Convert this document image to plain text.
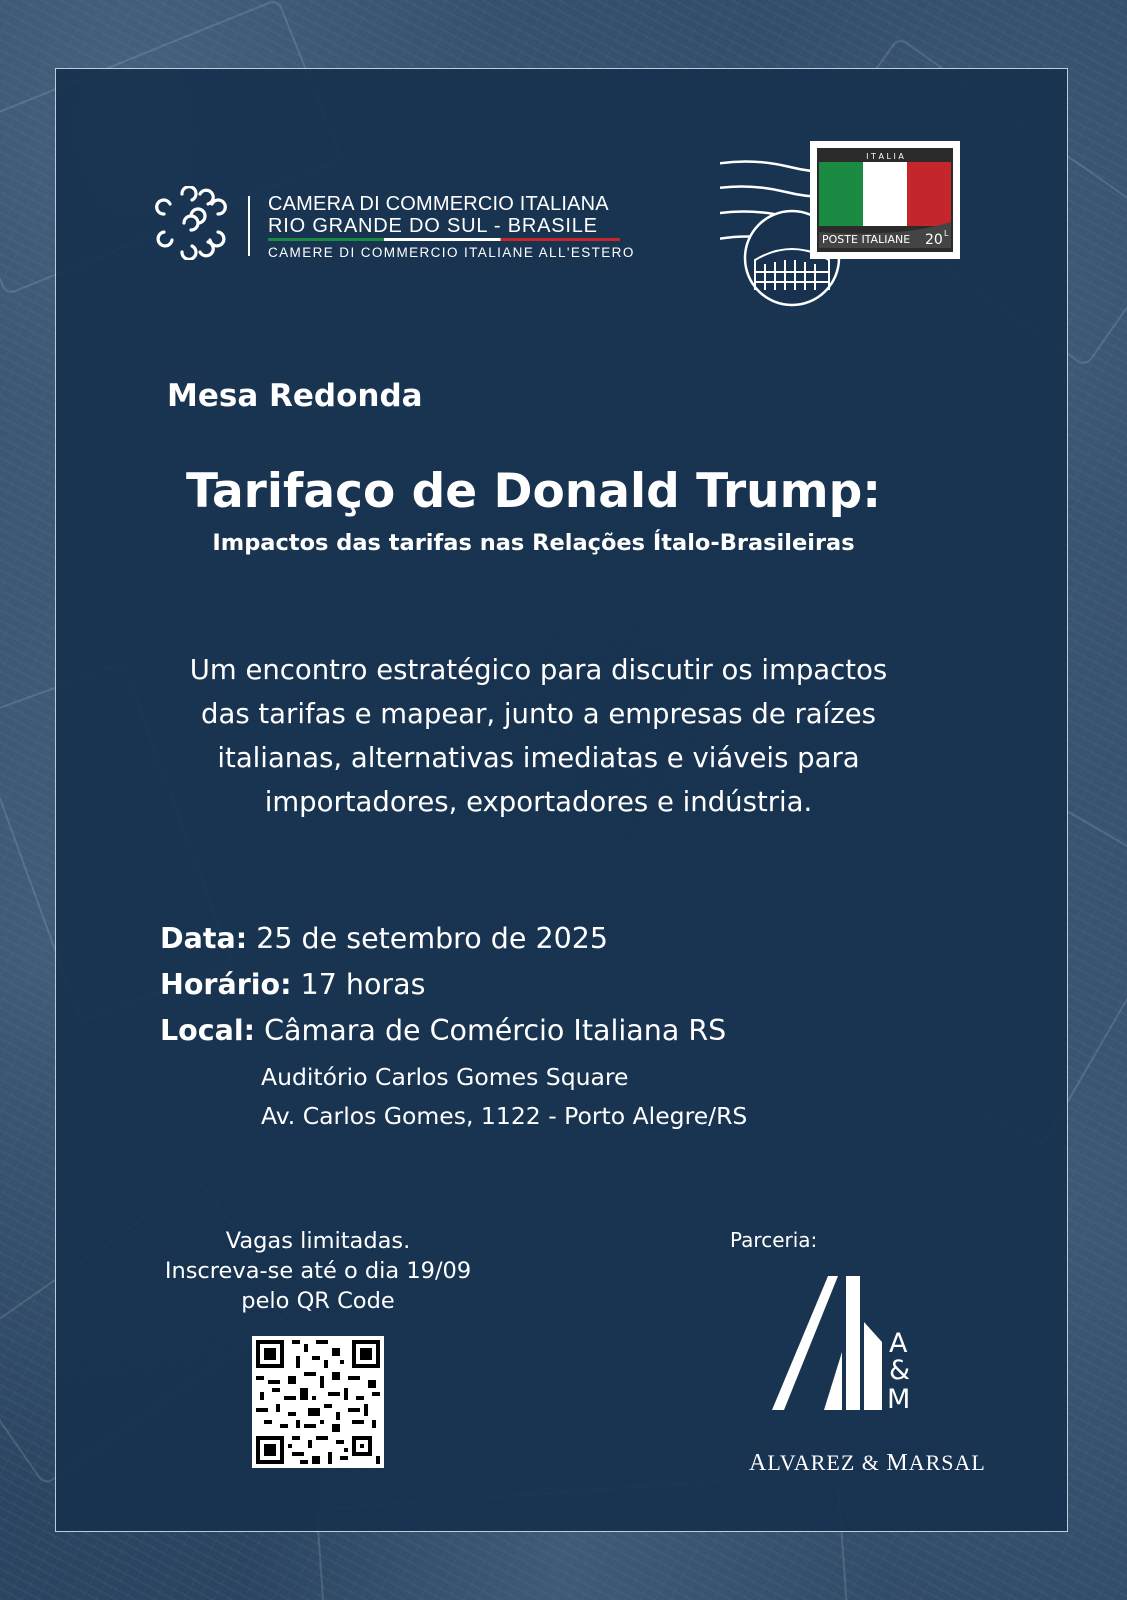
CAMERA DI COMMERCIO ITALIANA
RIO GRANDE DO SUL - BRASILE
CAMERE DI COMMERCIO ITALIANE ALL'ESTERO
I T A L I A
POSTE ITALIANE 20 L
Mesa Redonda
Tarifaço de Donald Trump:
Impactos das tarifas nas Relações Ítalo-Brasileiras
Um encontro estratégico para discutir os impactos
das tarifas e mapear, junto a empresas de raízes
italianas, alternativas imediatas e viáveis para
importadores, exportadores e indústria.
Data: 25 de setembro de 2025
Horário: 17 horas
Local: Câmara de Comércio Italiana RS
Auditório Carlos Gomes Square
Av. Carlos Gomes, 1122 - Porto Alegre/RS
Vagas limitadas.
Inscreva-se até o dia 19/09
pelo QR Code
Parceria:
A
&
M
ALVAREZ & MARSAL
